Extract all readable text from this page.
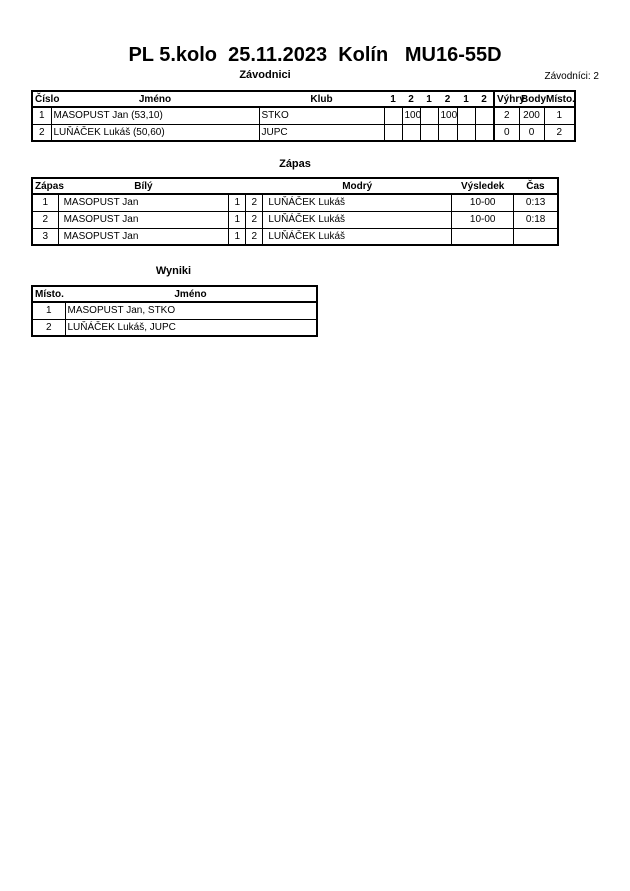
PL 5.kolo  25.11.2023  Kolín   MU16-55D
Závodnici	Závodníci: 2
Číslo	Jméno	Klub	1	2	1	2	1	2	Výhry	Body	Místo.
1	MASOPUST Jan (53,10)	STKO		100		100			2	200	1
2	LUŇÁČEK Lukáš (50,60)	JUPC							0	0	2
Zápas
Zápas	Bílý			Modrý	Výsledek	Čas
1	MASOPUST Jan	1	2	LUŇÁČEK Lukáš	10-00	0:13
2	MASOPUST Jan	1	2	LUŇÁČEK Lukáš	10-00	0:18
3	MASOPUST Jan	1	2	LUŇÁČEK Lukáš		
Wyniki
Místo.	Jméno
1	MASOPUST Jan, STKO
2	LUŇÁČEK Lukáš, JUPC
